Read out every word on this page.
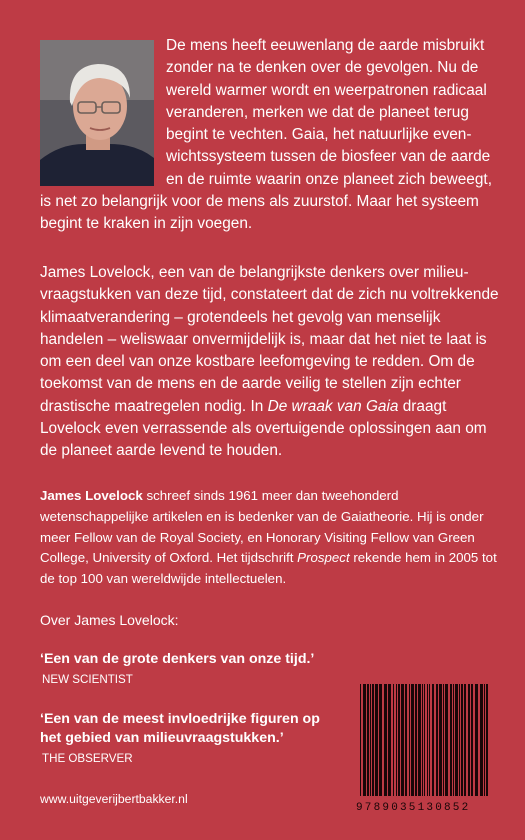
De mens heeft eeuwenlang de aarde misbruikt
zonder na te denken over de gevolgen. Nu de
wereld warmer wordt en weerpatronen radicaal
veranderen, merken we dat de planeet terug
begint te vechten. Gaia, het natuurlijke even-
wichtssysteem tussen de biosfeer van de aarde
en de ruimte waarin onze planeet zich beweegt,
is net zo belangrijk voor de mens als zuurstof. Maar het systeem
begint te kraken in zijn voegen.

James Lovelock, een van de belangrijkste denkers over milieu-vraagstukken van deze tijd, constateert dat de zich nu voltrekkende klimaatverandering – grotendeels het gevolg van menselijk handelen – weliswaar onvermijdelijk is, maar dat het niet te laat is om een deel van onze kostbare leefomgeving te redden. Om de toekomst van de mens en de aarde veilig te stellen zijn echter drastische maatregelen nodig. In De wraak van Gaia draagt Lovelock even verrassende als overtuigende oplossingen aan om de planeet aarde levend te houden.

James Lovelock schreef sinds 1961 meer dan tweehonderd wetenschappelijke artikelen en is bedenker van de Gaiatheorie. Hij is onder meer Fellow van de Royal Society, en Honorary Visiting Fellow van Green College, University of Oxford. Het tijdschrift Prospect rekende hem in 2005 tot de top 100 van wereldwijde intellectuelen.

Over James Lovelock:

‘Een van de grote denkers van onze tijd.’
NEW SCIENTIST
‘Een van de meest invloedrijke figuren op het gebied van milieuvraagstukken.’
THE OBSERVER

www.uitgeverijbertbakker.nl

9789035130852
